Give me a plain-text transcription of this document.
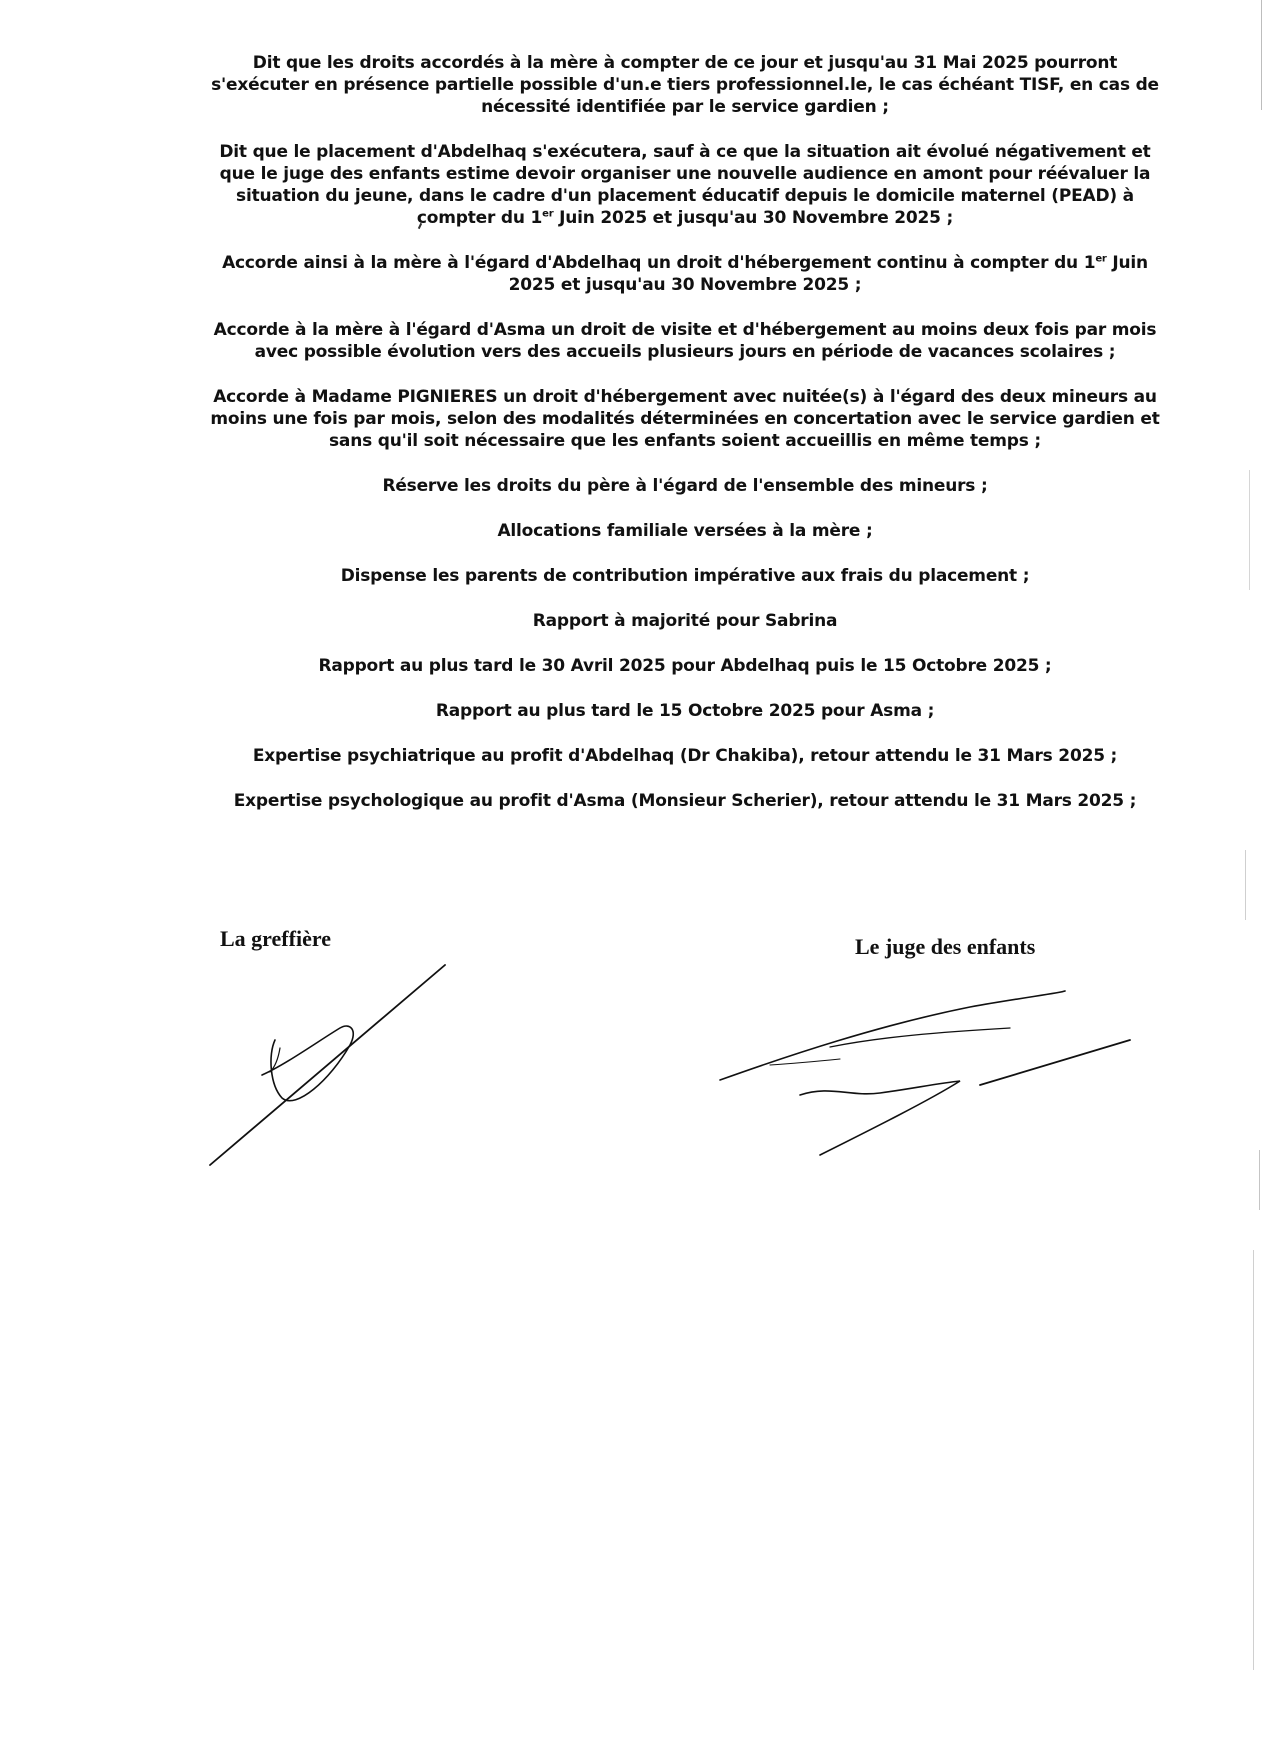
Dit que les droits accordés à la mère à compter de ce jour et jusqu'au 31 Mai 2025 pourront s'exécuter en présence partielle possible d'un.e tiers professionnel.le, le cas échéant TISF, en cas de nécessité identifiée par le service gardien ;

Dit que le placement d'Abdelhaq s'exécutera, sauf à ce que la situation ait évolué négativement et que le juge des enfants estime devoir organiser une nouvelle audience en amont pour réévaluer la situation du jeune, dans le cadre d'un placement éducatif depuis le domicile maternel (PEAD) à compter du 1er Juin 2025 et jusqu'au 30 Novembre 2025 ;

Accorde ainsi à la mère à l'égard d'Abdelhaq un droit d'hébergement continu à compter du 1er Juin 2025 et jusqu'au 30 Novembre 2025 ;

Accorde à la mère à l'égard d'Asma un droit de visite et d'hébergement au moins deux fois par mois avec possible évolution vers des accueils plusieurs jours en période de vacances scolaires ;

Accorde à Madame PIGNIERES un droit d'hébergement avec nuitée(s) à l'égard des deux mineurs au moins une fois par mois, selon des modalités déterminées en concertation avec le service gardien et sans qu'il soit nécessaire que les enfants soient accueillis en même temps ;

Réserve les droits du père à l'égard de l'ensemble des mineurs ;

Allocations familiale versées à la mère ;

Dispense les parents de contribution impérative aux frais du placement ;

Rapport à majorité pour Sabrina

Rapport au plus tard le 30 Avril 2025 pour Abdelhaq puis le 15 Octobre 2025 ;

Rapport au plus tard le 15 Octobre 2025 pour Asma ;

Expertise psychiatrique au profit d'Abdelhaq (Dr Chakiba), retour attendu le 31 Mars 2025 ;

Expertise psychologique au profit d'Asma (Monsieur Scherier), retour attendu le 31 Mars 2025 ;

La greffière	Le juge des enfants
